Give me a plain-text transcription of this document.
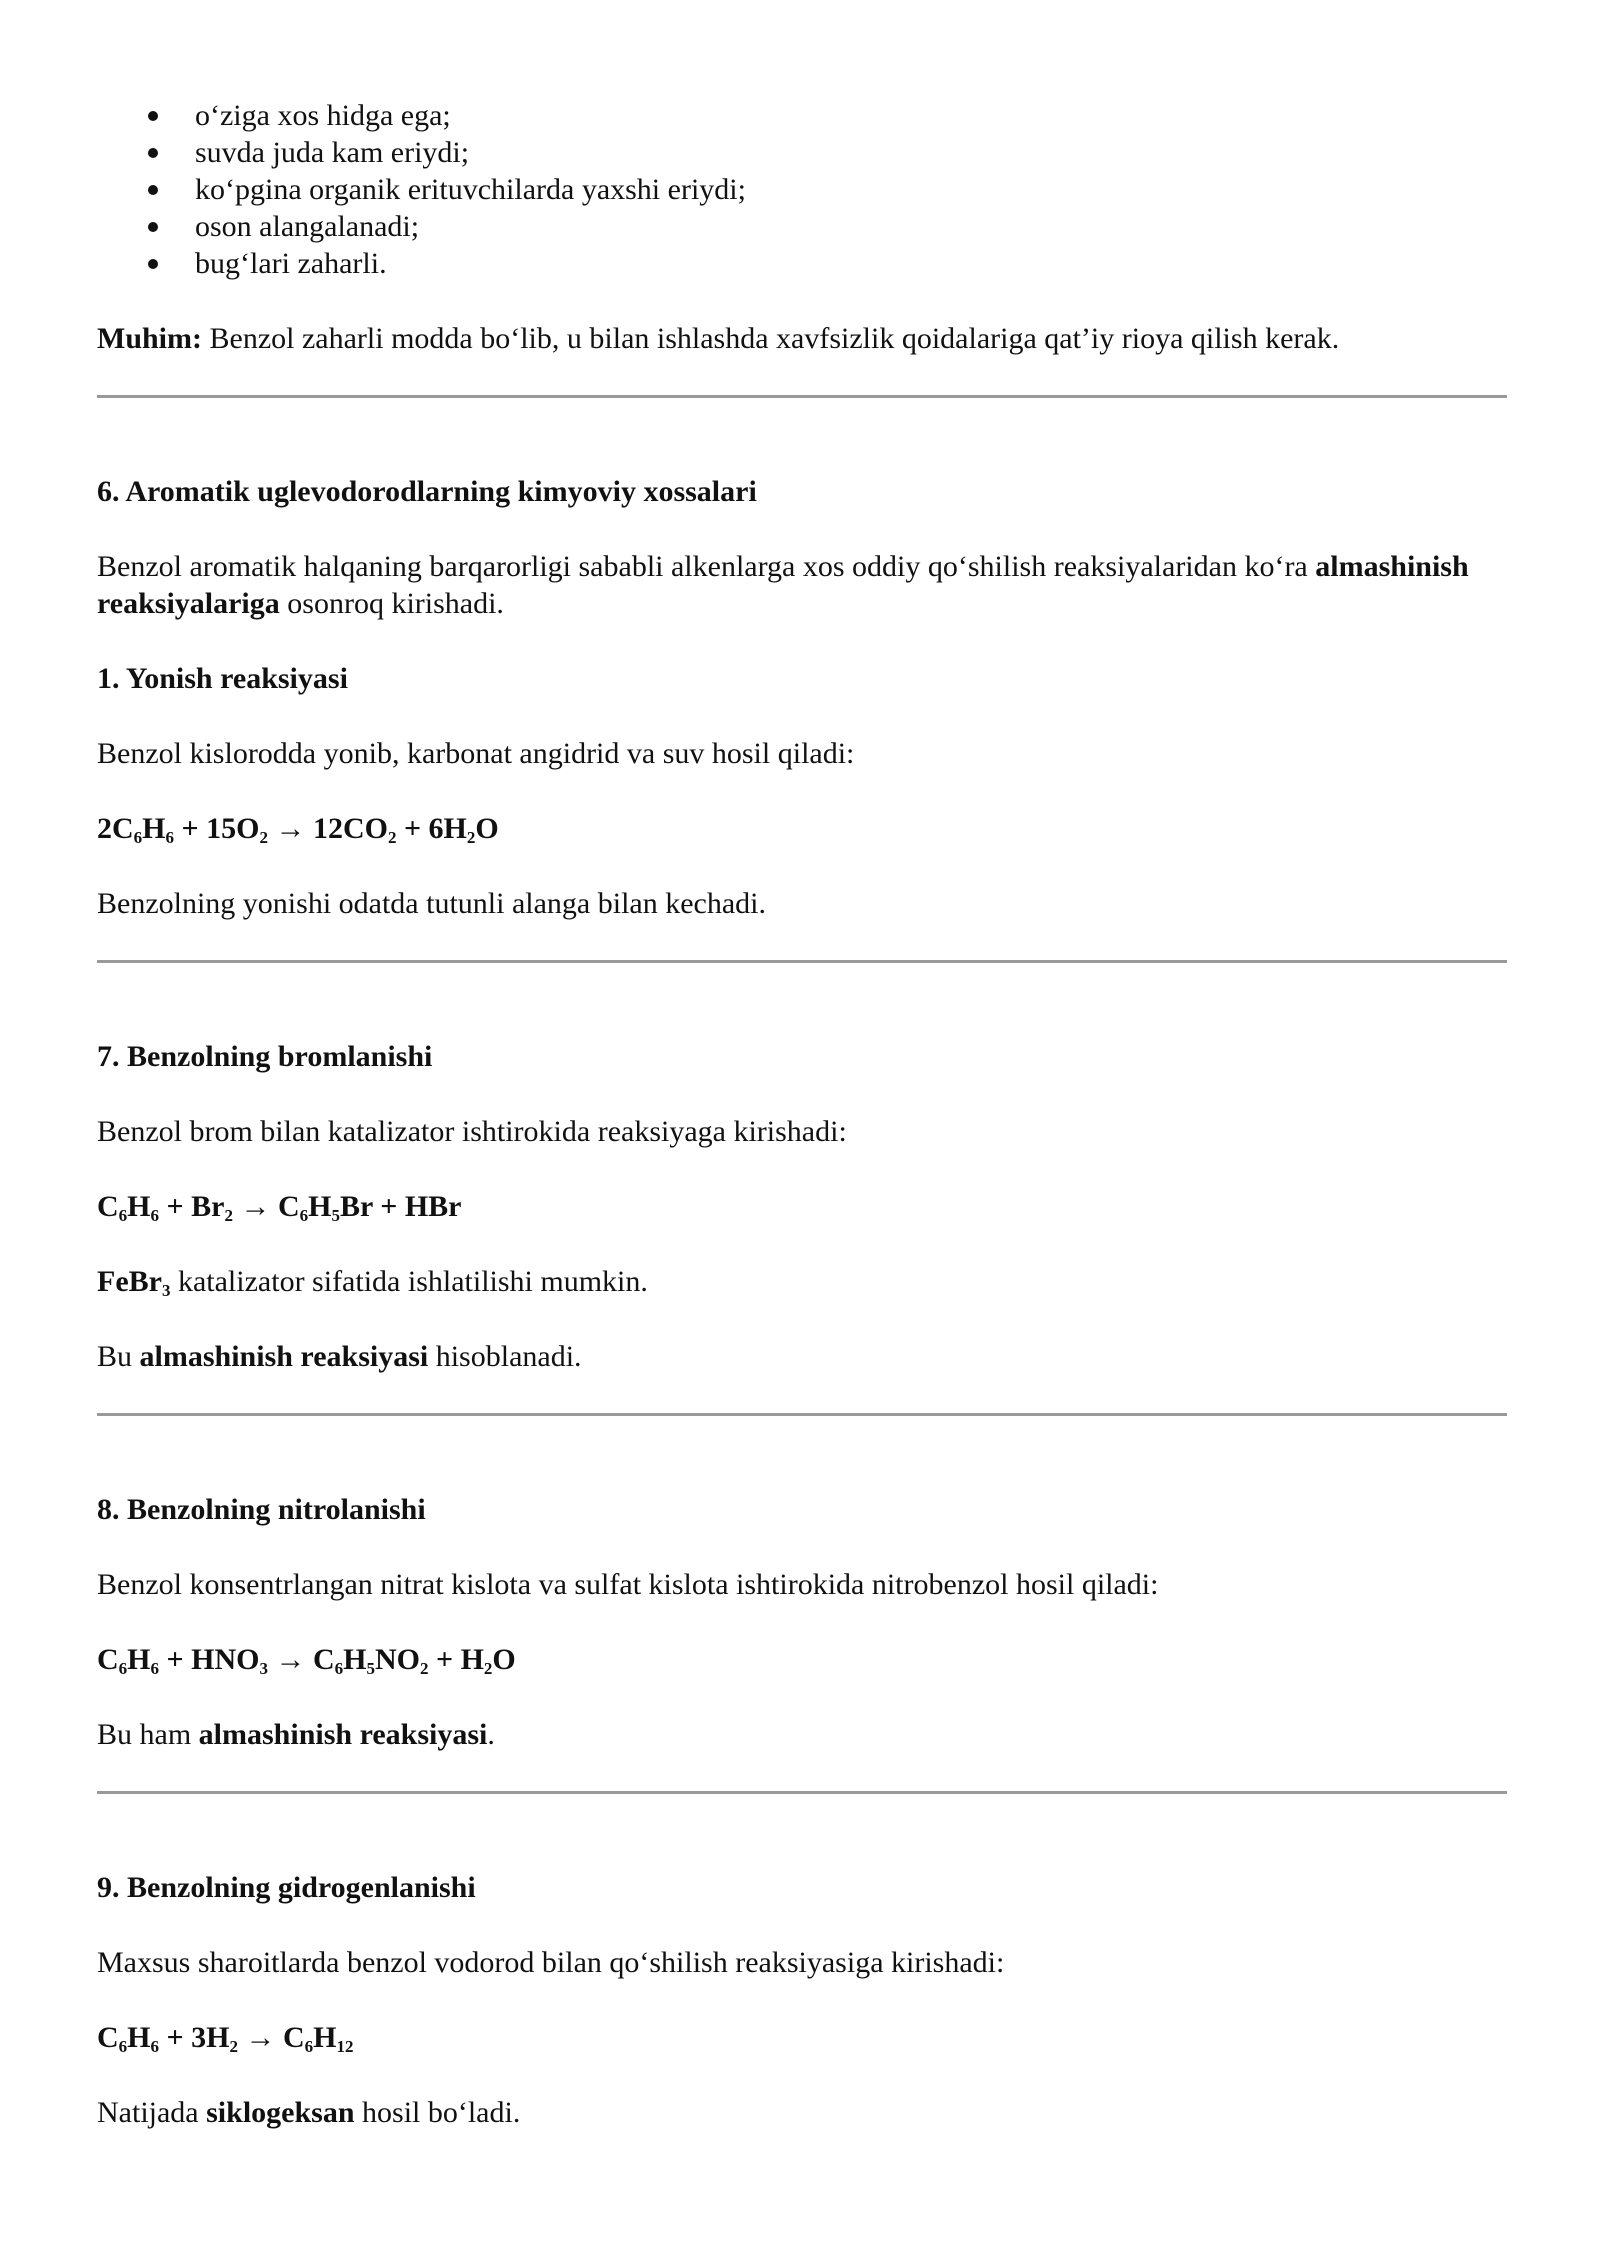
o‘ziga xos hidga ega;
suvda juda kam eriydi;
ko‘pgina organik erituvchilarda yaxshi eriydi;
oson alangalanadi;
bug‘lari zaharli.

Muhim: Benzol zaharli modda bo‘lib, u bilan ishlashda xavfsizlik qoidalariga qat’iy rioya qilish kerak.

6. Aromatik uglevodorodlarning kimyoviy xossalari

Benzol aromatik halqaning barqarorligi sababli alkenlarga xos oddiy qo‘shilish reaksiyalaridan ko‘ra almashinish reaksiyalariga osonroq kirishadi.

1. Yonish reaksiyasi

Benzol kislorodda yonib, karbonat angidrid va suv hosil qiladi:

$2C_6H_6 + 15O_2 \to 12CO_2 + 6H_2O$

Benzolning yonishi odatda tutunli alanga bilan kechadi.

7. Benzolning bromlanishi

Benzol brom bilan katalizator ishtirokida reaksiyaga kirishadi:

$C_6H_6 + Br_2 \to C_6H_5Br$ + HBr

FeBr$_3$ katalizator sifatida ishlatilishi mumkin.

Bu almashinish reaksiyasi hisoblanadi.

8. Benzolning nitrolanishi

Benzol konsentrlangan nitrat kislota va sulfat kislota ishtirokida nitrobenzol hosil qiladi:

$C_6H_6 + HNO_3 \to C_6H_5NO_2 + H_2O$

Bu ham almashinish reaksiyasi.

9. Benzolning gidrogenlanishi

Maxsus sharoitlarda benzol vodorod bilan qo‘shilish reaksiyasiga kirishadi:

$C_6H_6 + 3H_2 \to C_6H_{12}$

Natijada siklogeksan hosil bo‘ladi.
